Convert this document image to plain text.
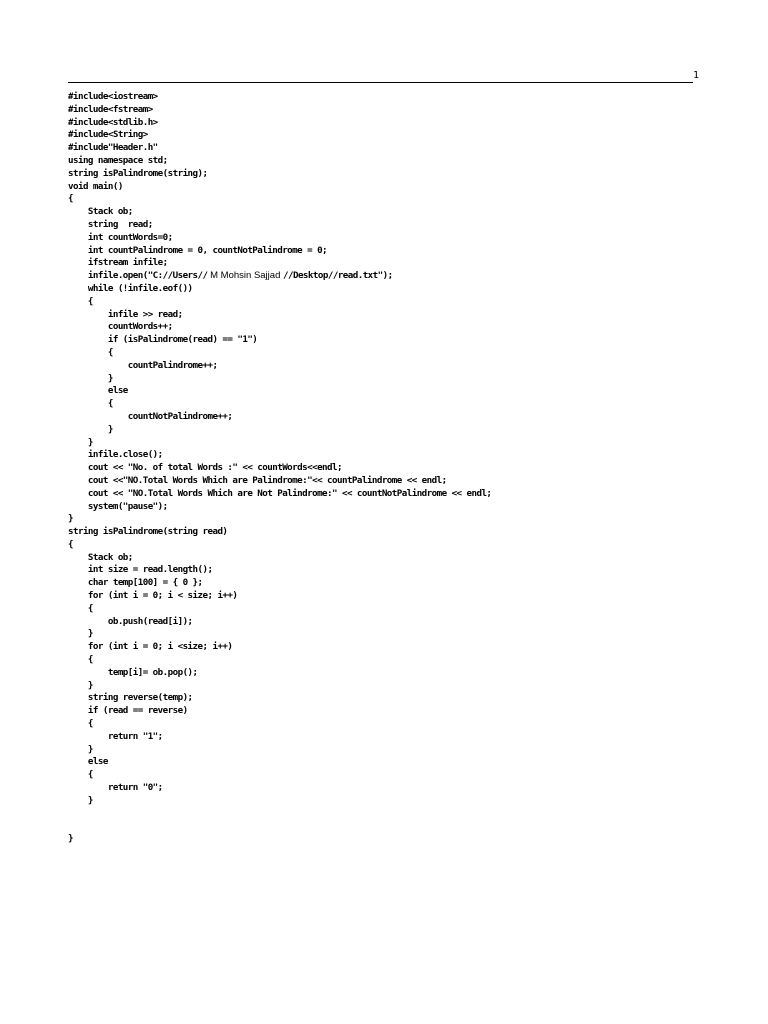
1
#include<iostream>
#include<fstream>
#include<stdlib.h>
#include<String>
#include"Header.h"
using namespace std;
string isPalindrome(string);
void main()
{
Stack ob;
string  read;
int countWords=0;
int countPalindrome = 0, countNotPalindrome = 0;
ifstream infile;
infile.open("C://Users// M Mohsin Sajjad //Desktop//read.txt");
while (!infile.eof())
{
infile >> read;
countWords++;
if (isPalindrome(read) == "1")
{
countPalindrome++;
}
else
{
countNotPalindrome++;
}
}
infile.close();
cout << "No. of total Words :" << countWords<<endl;
cout <<"NO.Total Words Which are Palindrome:"<< countPalindrome << endl;
cout << "NO.Total Words Which are Not Palindrome:" << countNotPalindrome << endl;
system("pause");
}
string isPalindrome(string read)
{
Stack ob;
int size = read.length();
char temp[100] = { 0 };
for (int i = 0; i < size; i++)
{
ob.push(read[i]);
}
for (int i = 0; i <size; i++)
{
temp[i]= ob.pop();
}
string reverse(temp);
if (read == reverse)
{
return "1";
}
else
{
return "0";
}
}
